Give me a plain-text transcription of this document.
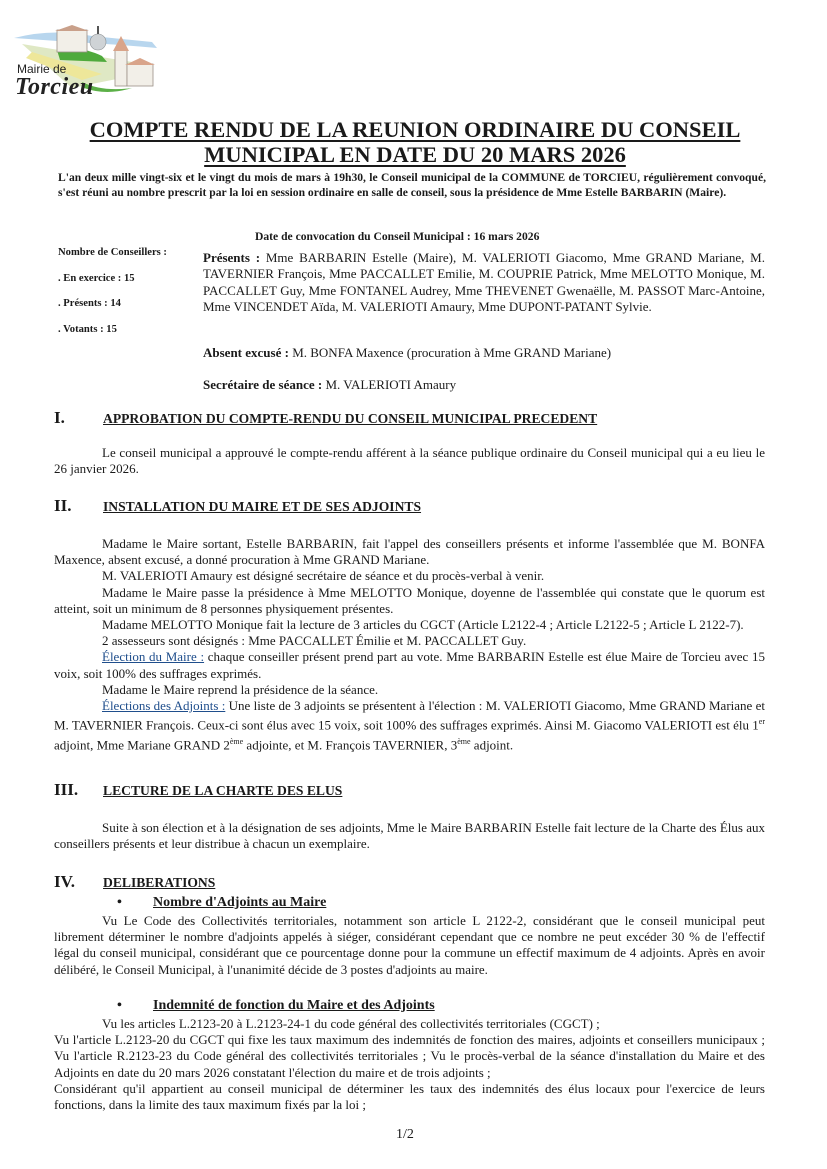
Mairie de
Torcieu
COMPTE RENDU DE LA REUNION ORDINAIRE DU CONSEIL
MUNICIPAL EN DATE DU 20 MARS 2026
L'an deux mille vingt-six et le vingt du mois de mars à 19h30, le Conseil municipal de la COMMUNE de TORCIEU, régulièrement convoqué, s'est réuni au nombre prescrit par la loi en session ordinaire en salle de conseil, sous la présidence de Mme Estelle BARBARIN (Maire).
Date de convocation du Conseil Municipal : 16 mars 2026
Nombre de Conseillers :
. En exercice : 15
. Présents : 14
. Votants : 15
Présents : Mme BARBARIN Estelle (Maire), M. VALERIOTI Giacomo, Mme GRAND Mariane, M. TAVERNIER François, Mme PACCALLET Emilie, M. COUPRIE Patrick, Mme MELOTTO Monique, M. PACCALLET Guy, Mme FONTANEL Audrey, Mme THEVENET Gwenaëlle, M. PASSOT Marc-Antoine, Mme VINCENDET Aïda, M. VALERIOTI Amaury, Mme DUPONT-PATANT Sylvie.
Absent excusé : M. BONFA Maxence (procuration à Mme GRAND Mariane)
Secrétaire de séance : M. VALERIOTI Amaury
I.	APPROBATION DU COMPTE-RENDU DU CONSEIL MUNICIPAL PRECEDENT

Le conseil municipal a approuvé le compte-rendu afférent à la séance publique ordinaire du Conseil municipal qui a eu lieu le 26 janvier 2026.

II. INSTALLATION DU MAIRE ET DE SES ADJOINTS

Madame le Maire sortant, Estelle BARBARIN, fait l'appel des conseillers présents et informe l'assemblée que M. BONFA Maxence, absent excusé, a donné procuration à Mme GRAND Mariane.

M. VALERIOTI Amaury est désigné secrétaire de séance et du procès-verbal à venir.

Madame le Maire passe la présidence à Mme MELOTTO Monique, doyenne de l'assemblée qui constate que le quorum est atteint, soit un minimum de 8 personnes physiquement présentes.

Madame MELOTTO Monique fait la lecture de 3 articles du CGCT (Article L2122-4 ; Article L2122-5 ; Article L 2122-7).

2 assesseurs sont désignés : Mme PACCALLET Émilie et M. PACCALLET Guy.

Élection du Maire : chaque conseiller présent prend part au vote. Mme BARBARIN Estelle est élue Maire de Torcieu avec 15 voix, soit 100% des suffrages exprimés.

Madame le Maire reprend la présidence de la séance.

Élections des Adjoints : Une liste de 3 adjoints se présentent à l'élection : M. VALERIOTI Giacomo, Mme GRAND Mariane et M. TAVERNIER François. Ceux-ci sont élus avec 15 voix, soit 100% des suffrages exprimés. Ainsi M. Giacomo VALERIOTI est élu 1er adjoint, Mme Mariane GRAND 2ème adjointe, et M. François TAVERNIER, 3ème adjoint.

III. LECTURE DE LA CHARTE DES ELUS

Suite à son élection et à la désignation de ses adjoints, Mme le Maire BARBARIN Estelle fait lecture de la Charte des Élus aux conseillers présents et leur distribue à chacun un exemplaire.

IV. DELIBERATIONS
• Nombre d'Adjoints au Maire

Vu Le Code des Collectivités territoriales, notamment son article L 2122-2, considérant que le conseil municipal peut librement déterminer le nombre d'adjoints appelés à siéger, considérant cependant que ce nombre ne peut excéder 30 % de l'effectif légal du conseil municipal, considérant que ce pourcentage donne pour la commune un effectif maximum de 4 adjoints. Après en avoir délibéré, le Conseil Municipal, à l'unanimité décide de 3 postes d'adjoints au maire.

• Indemnité de fonction du Maire et des Adjoints

Vu les articles L.2123-20 à L.2123-24-1 du code général des collectivités territoriales (CGCT) ;

Vu l'article L.2123-20 du CGCT qui fixe les taux maximum des indemnités de fonction des maires, adjoints et conseillers municipaux ; Vu l'article R.2123-23 du Code général des collectivités territoriales ; Vu le procès-verbal de la séance d'installation du Maire et des Adjoints en date du 20 mars 2026 constatant l'élection du maire et de trois adjoints ;

Considérant qu'il appartient au conseil municipal de déterminer les taux des indemnités des élus locaux pour l'exercice de leurs fonctions, dans la limite des taux maximum fixés par la loi ;

1/2
